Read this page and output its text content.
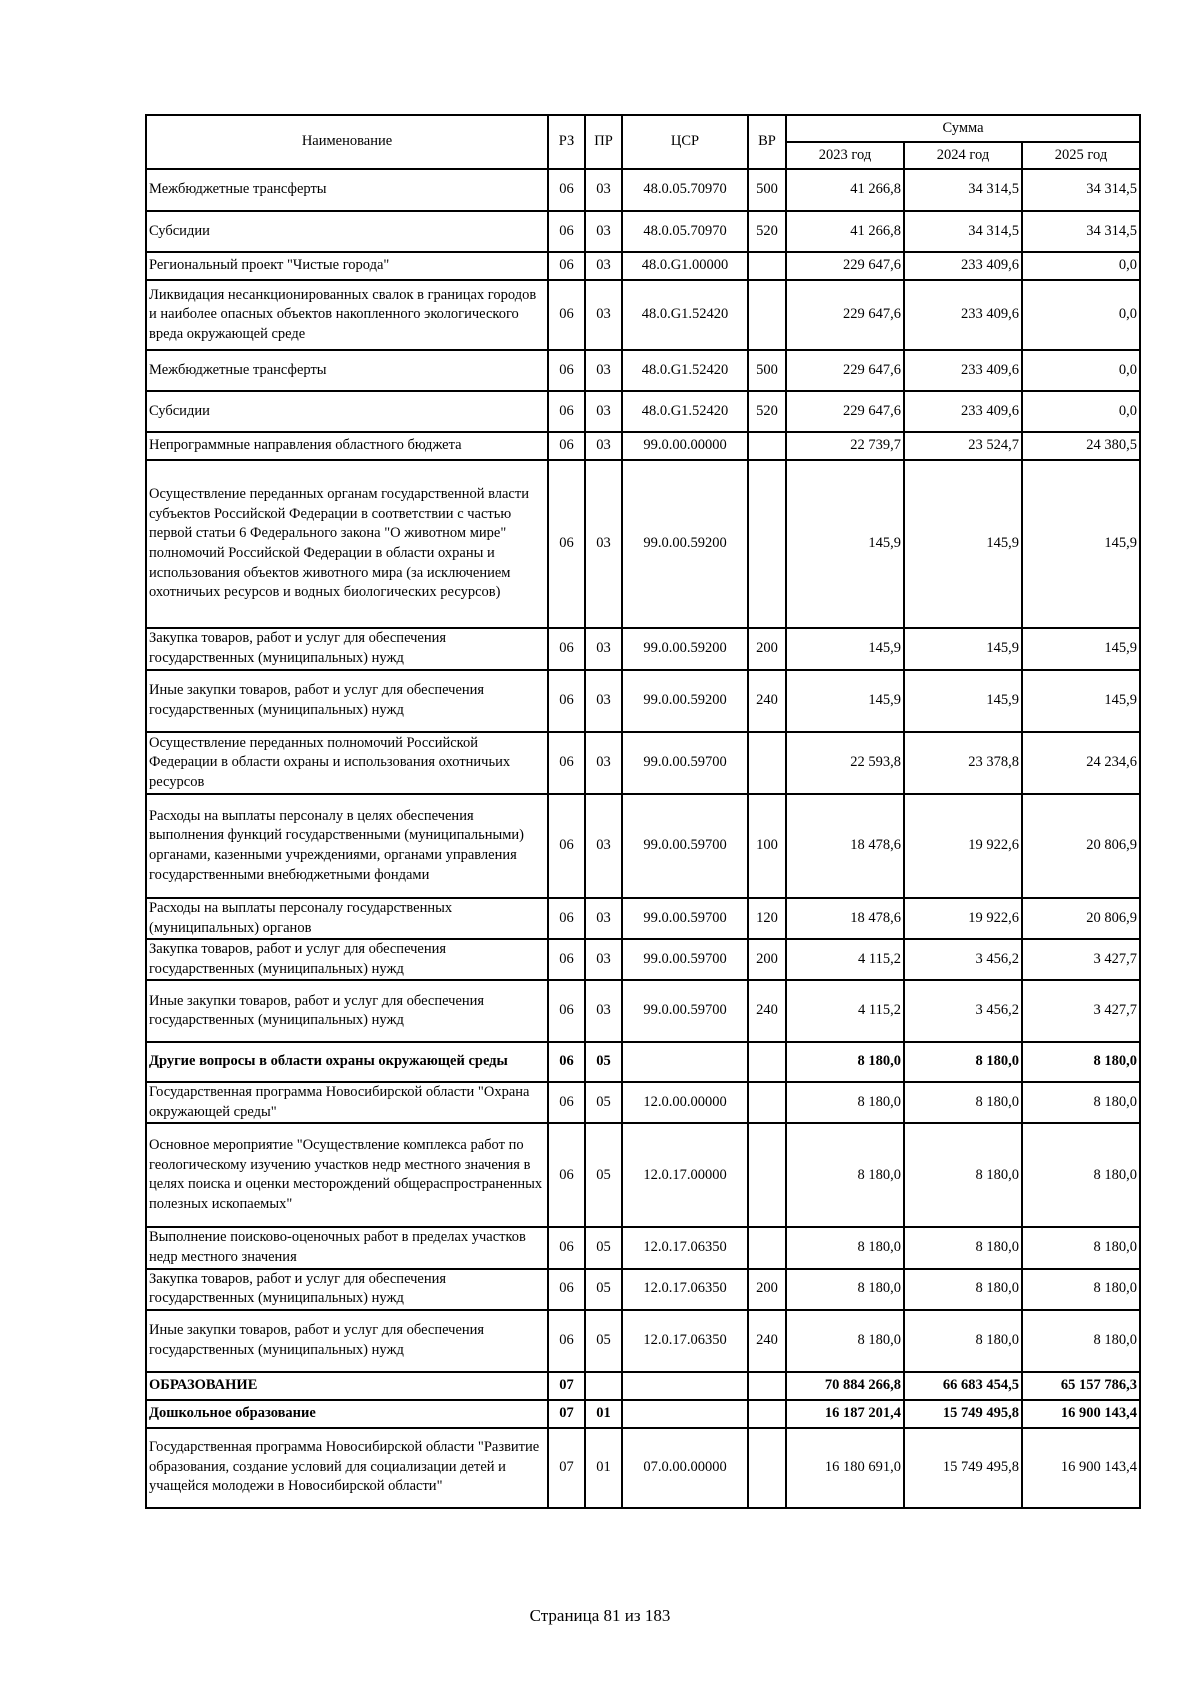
Наименование	РЗ	ПР	ЦСР	ВР	Сумма		
					2023 год	2024 год	2025 год
Межбюджетные трансферты	06	03	48.0.05.70970	500	41 266,8	34 314,5	34 314,5
Субсидии	06	03	48.0.05.70970	520	41 266,8	34 314,5	34 314,5
Региональный проект "Чистые города"	06	03	48.0.G1.00000		229 647,6	233 409,6	0,0
Ликвидация несанкционированных свалок в границах городов и наиболее опасных объектов накопленного экологического вреда окружающей среде	06	03	48.0.G1.52420		229 647,6	233 409,6	0,0
Межбюджетные трансферты	06	03	48.0.G1.52420	500	229 647,6	233 409,6	0,0
Субсидии	06	03	48.0.G1.52420	520	229 647,6	233 409,6	0,0
Непрограммные направления областного бюджета	06	03	99.0.00.00000		22 739,7	23 524,7	24 380,5
Осуществление переданных органам государственной власти субъектов Российской Федерации в соответствии с частью первой статьи 6 Федерального закона "О животном мире" полномочий Российской Федерации в области охраны и использования объектов животного мира (за исключением охотничьих ресурсов и водных биологических ресурсов)	06	03	99.0.00.59200		145,9	145,9	145,9
Закупка товаров, работ и услуг для обеспечения государственных (муниципальных) нужд	06	03	99.0.00.59200	200	145,9	145,9	145,9
Иные закупки товаров, работ и услуг для обеспечения государственных (муниципальных) нужд	06	03	99.0.00.59200	240	145,9	145,9	145,9
Осуществление переданных полномочий Российской Федерации в области охраны и использования охотничьих ресурсов	06	03	99.0.00.59700		22 593,8	23 378,8	24 234,6
Расходы на выплаты персоналу в целях обеспечения выполнения функций государственными (муниципальными) органами, казенными учреждениями, органами управления государственными внебюджетными фондами	06	03	99.0.00.59700	100	18 478,6	19 922,6	20 806,9
Расходы на выплаты персоналу государственных (муниципальных) органов	06	03	99.0.00.59700	120	18 478,6	19 922,6	20 806,9
Закупка товаров, работ и услуг для обеспечения государственных (муниципальных) нужд	06	03	99.0.00.59700	200	4 115,2	3 456,2	3 427,7
Иные закупки товаров, работ и услуг для обеспечения государственных (муниципальных) нужд	06	03	99.0.00.59700	240	4 115,2	3 456,2	3 427,7
Другие вопросы в области охраны окружающей среды	06	05			8 180,0	8 180,0	8 180,0
Государственная программа Новосибирской области "Охрана окружающей среды"	06	05	12.0.00.00000		8 180,0	8 180,0	8 180,0
Основное мероприятие "Осуществление комплекса работ по геологическому изучению участков недр местного значения в целях поиска и оценки месторождений общераспространенных полезных ископаемых"	06	05	12.0.17.00000		8 180,0	8 180,0	8 180,0
Выполнение поисково-оценочных работ в пределах участков недр местного значения	06	05	12.0.17.06350		8 180,0	8 180,0	8 180,0
Закупка товаров, работ и услуг для обеспечения государственных (муниципальных) нужд	06	05	12.0.17.06350	200	8 180,0	8 180,0	8 180,0
Иные закупки товаров, работ и услуг для обеспечения государственных (муниципальных) нужд	06	05	12.0.17.06350	240	8 180,0	8 180,0	8 180,0
ОБРАЗОВАНИЕ	07				70 884 266,8	66 683 454,5	65 157 786,3
Дошкольное образование	07	01			16 187 201,4	15 749 495,8	16 900 143,4
Государственная программа Новосибирской области "Развитие образования, создание условий для социализации детей и учащейся молодежи в Новосибирской области"	07	01	07.0.00.00000		16 180 691,0	15 749 495,8	16 900 143,4
Страница 81 из 183
